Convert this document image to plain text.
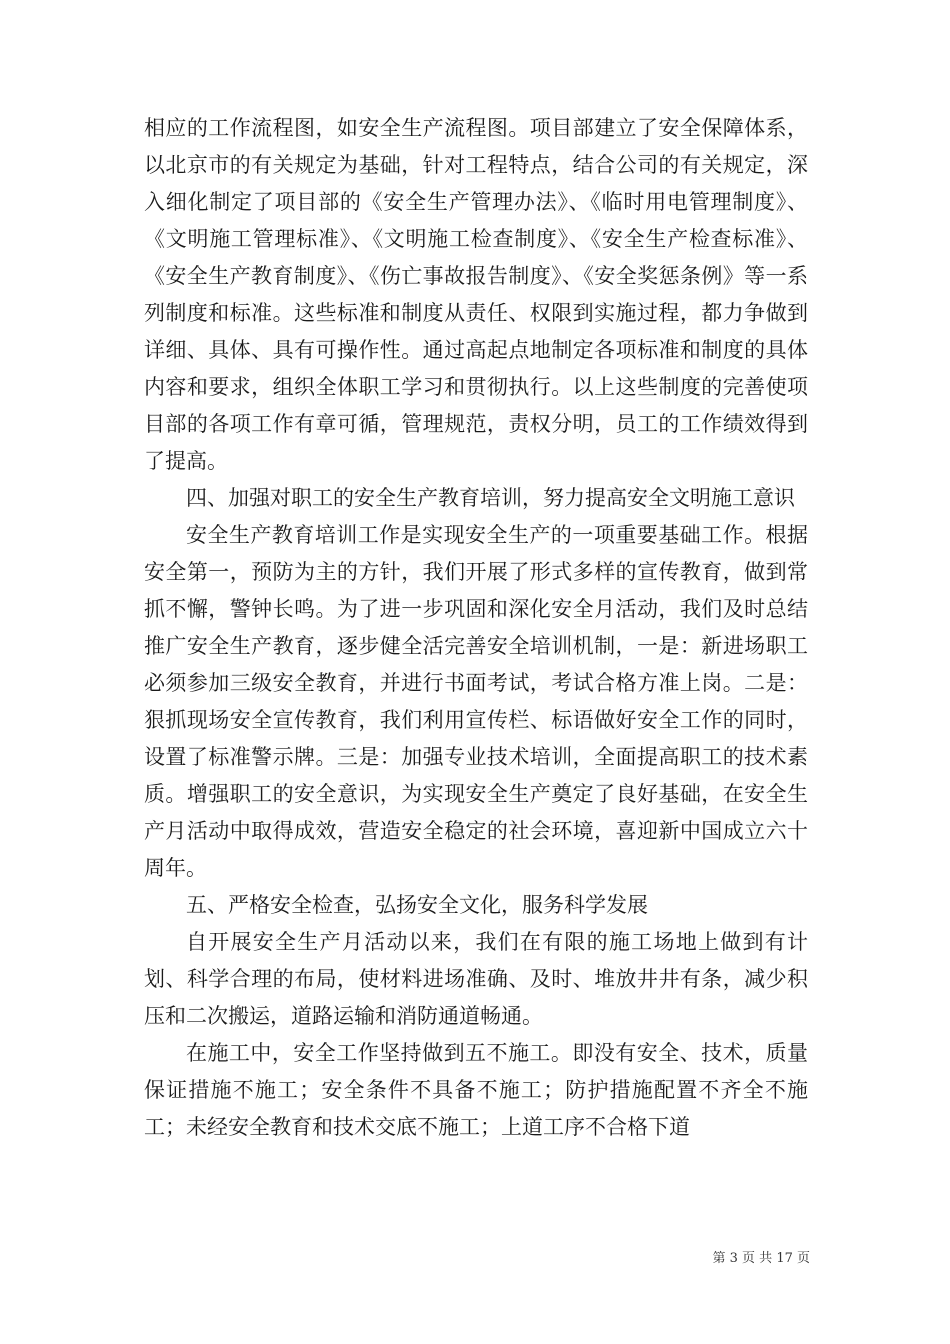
相应的工作流程图，如安全生产流程图。项目部建立了安全保障体系，以北京市的有关规定为基础，针对工程特点，结合公司的有关规定，深入细化制定了项目部的《安全生产管理办法》、《临时用电管理制度》、《文明施工管理标准》、《文明施工检查制度》、《安全生产检查标准》、《安全生产教育制度》、《伤亡事故报告制度》、《安全奖惩条例》等一系列制度和标准。这些标准和制度从责任、权限到实施过程，都力争做到详细、具体、具有可操作性。通过高起点地制定各项标准和制度的具体内容和要求，组织全体职工学习和贯彻执行。以上这些制度的完善使项目部的各项工作有章可循，管理规范，责权分明，员工的工作绩效得到了提高。

四、加强对职工的安全生产教育培训，努力提高安全文明施工意识

安全生产教育培训工作是实现安全生产的一项重要基础工作。根据安全第一，预防为主的方针，我们开展了形式多样的宣传教育，做到常抓不懈，警钟长鸣。为了进一步巩固和深化安全月活动，我们及时总结推广安全生产教育，逐步健全活完善安全培训机制，一是：新进场职工必须参加三级安全教育，并进行书面考试，考试合格方准上岗。二是：狠抓现场安全宣传教育，我们利用宣传栏、标语做好安全工作的同时，设置了标准警示牌。三是：加强专业技术培训，全面提高职工的技术素质。增强职工的安全意识，为实现安全生产奠定了良好基础，在安全生产月活动中取得成效，营造安全稳定的社会环境，喜迎新中国成立六十周年。

五、严格安全检查，弘扬安全文化，服务科学发展

自开展安全生产月活动以来，我们在有限的施工场地上做到有计划、科学合理的布局，使材料进场准确、及时、堆放井井有条，减少积压和二次搬运，道路运输和消防通道畅通。

在施工中，安全工作坚持做到五不施工。即没有安全、技术，质量保证措施不施工；安全条件不具备不施工；防护措施配置不齐全不施工；未经安全教育和技术交底不施工；上道工序不合格下道

第 3 页 共 17 页
